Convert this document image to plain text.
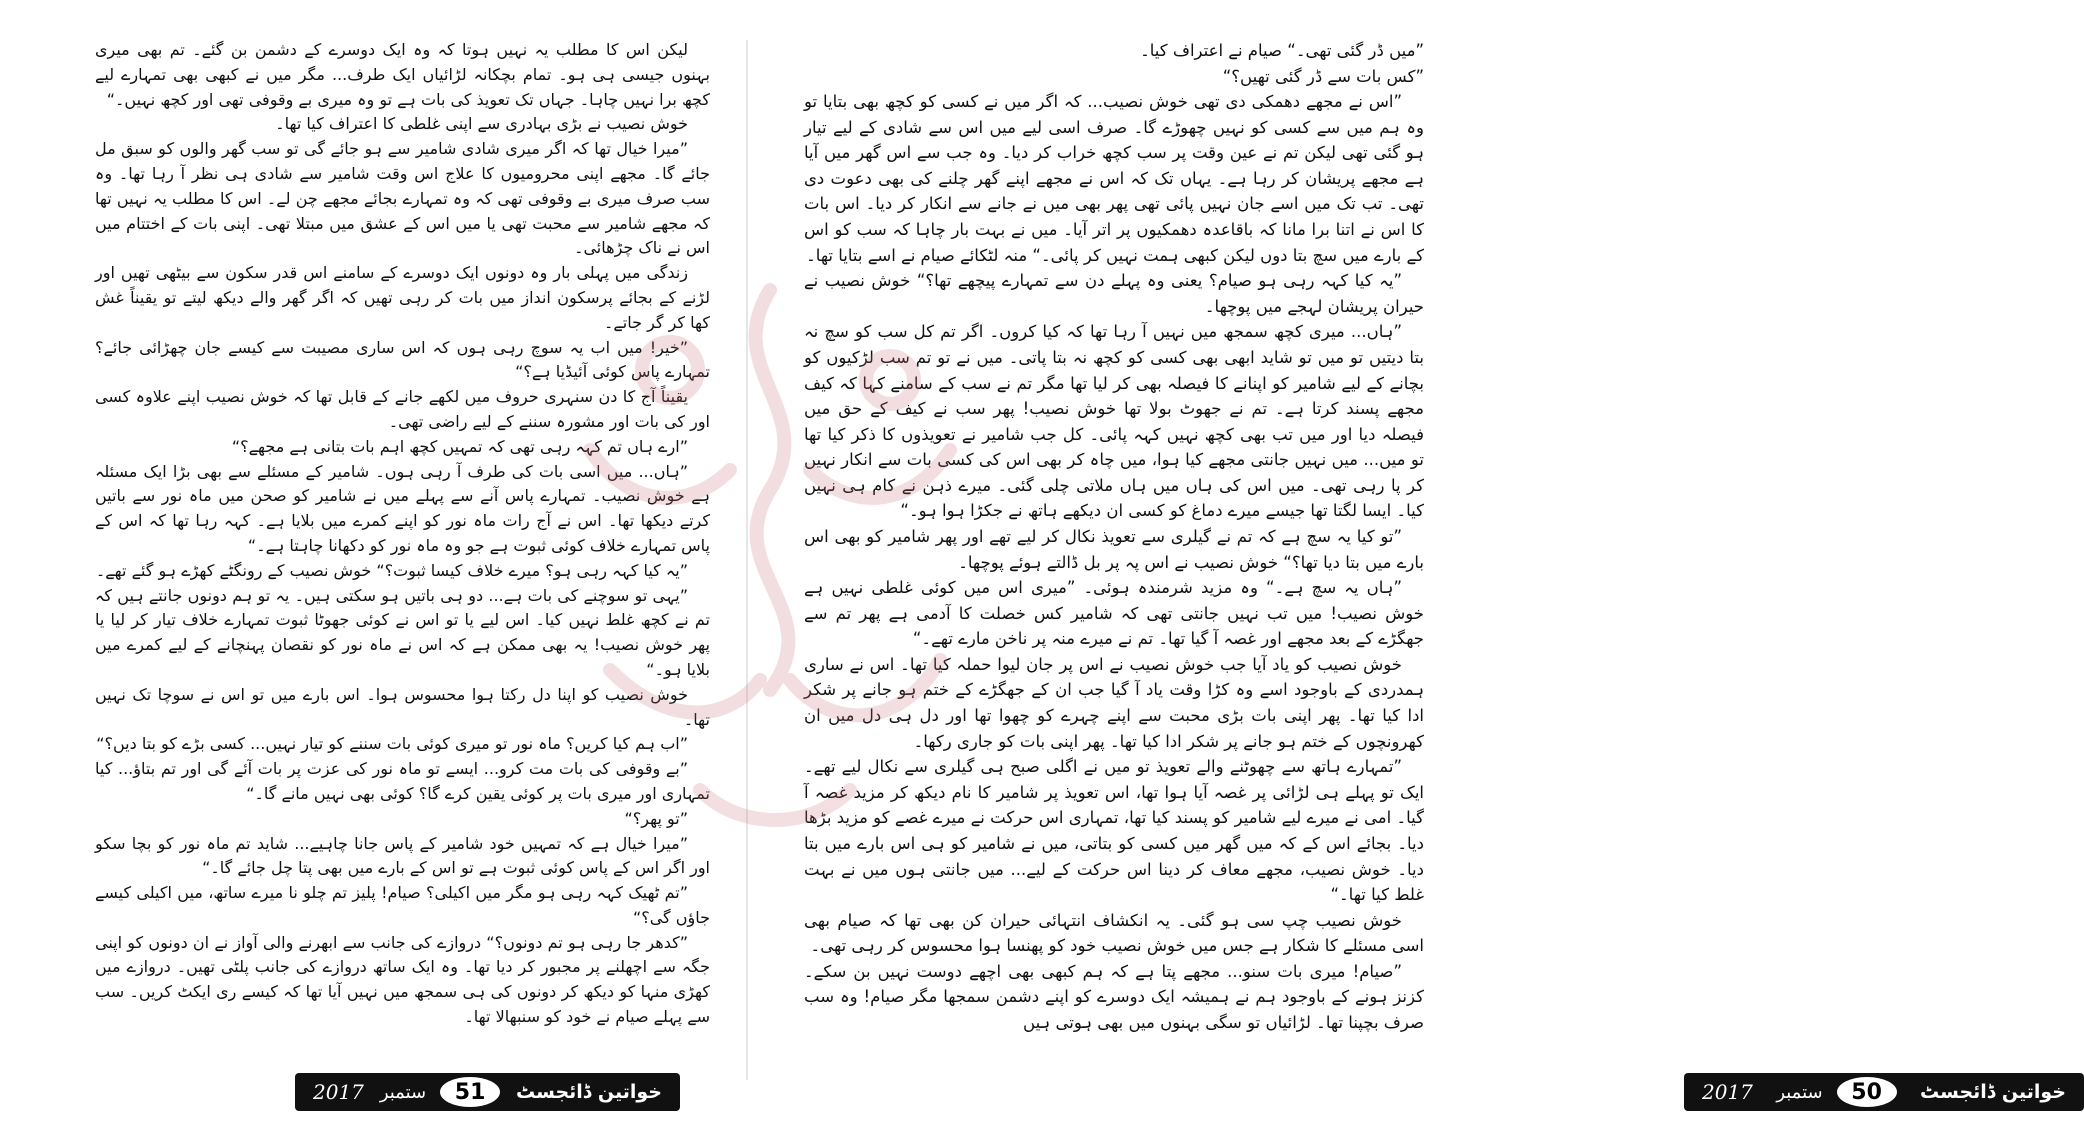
لیکن اس کا مطلب یہ نہیں ہوتا کہ وہ ایک دوسرے کے دشمن بن گئے۔ تم بھی میری بہنوں جیسی ہی ہو۔ تمام بچکانہ لڑائیاں ایک طرف... مگر میں نے کبھی بھی تمہارے لیے کچھ برا نہیں چاہا۔ جہاں تک تعویذ کی بات ہے تو وہ میری بے وقوفی تھی اور کچھ نہیں۔“

خوش نصیب نے بڑی بہادری سے اپنی غلطی کا اعتراف کیا تھا۔

”میرا خیال تھا کہ اگر میری شادی شامیر سے ہو جائے گی تو سب گھر والوں کو سبق مل جائے گا۔ مجھے اپنی محرومیوں کا علاج اس وقت شامیر سے شادی ہی نظر آ رہا تھا۔ وہ سب صرف میری بے وقوفی تھی کہ وہ تمہارے بجائے مجھے چن لے۔ اس کا مطلب یہ نہیں تھا کہ مجھے شامیر سے محبت تھی یا میں اس کے عشق میں مبتلا تھی۔ اپنی بات کے اختتام میں اس نے ناک چڑھائی۔

زندگی میں پہلی بار وہ دونوں ایک دوسرے کے سامنے اس قدر سکون سے بیٹھی تھیں اور لڑنے کے بجائے پرسکون انداز میں بات کر رہی تھیں کہ اگر گھر والے دیکھ لیتے تو یقیناً غش کھا کر گر جاتے۔

”خیر! میں اب یہ سوچ رہی ہوں کہ اس ساری مصیبت سے کیسے جان چھڑائی جائے؟ تمہارے پاس کوئی آئیڈیا ہے؟“

یقیناً آج کا دن سنہری حروف میں لکھے جانے کے قابل تھا کہ خوش نصیب اپنے علاوہ کسی اور کی بات اور مشورہ سننے کے لیے راضی تھی۔

”ارے ہاں تم کہہ رہی تھی کہ تمہیں کچھ اہم بات بتانی ہے مجھے؟“

”ہاں... میں اسی بات کی طرف آ رہی ہوں۔ شامیر کے مسئلے سے بھی بڑا ایک مسئلہ ہے خوش نصیب۔ تمہارے پاس آنے سے پہلے میں نے شامیر کو صحن میں ماہ نور سے باتیں کرتے دیکھا تھا۔ اس نے آج رات ماہ نور کو اپنے کمرے میں بلایا ہے۔ کہہ رہا تھا کہ اس کے پاس تمہارے خلاف کوئی ثبوت ہے جو وہ ماہ نور کو دکھانا چاہتا ہے۔“

”یہ کیا کہہ رہی ہو؟ میرے خلاف کیسا ثبوت؟“ خوش نصیب کے رونگٹے کھڑے ہو گئے تھے۔

”یہی تو سوچنے کی بات ہے... دو ہی باتیں ہو سکتی ہیں۔ یہ تو ہم دونوں جانتے ہیں کہ تم نے کچھ غلط نہیں کیا۔ اس لیے یا تو اس نے کوئی جھوٹا ثبوت تمہارے خلاف تیار کر لیا یا پھر خوش نصیب! یہ بھی ممکن ہے کہ اس نے ماہ نور کو نقصان پہنچانے کے لیے کمرے میں بلایا ہو۔“

خوش نصیب کو اپنا دل رکتا ہوا محسوس ہوا۔ اس بارے میں تو اس نے سوچا تک نہیں تھا۔

”اب ہم کیا کریں؟ ماہ نور تو میری کوئی بات سننے کو تیار نہیں... کسی بڑے کو بتا دیں؟“

”بے وقوفی کی بات مت کرو... ایسے تو ماہ نور کی عزت پر بات آئے گی اور تم بتاؤ... کیا تمہاری اور میری بات پر کوئی یقین کرے گا؟ کوئی بھی نہیں مانے گا۔“

”تو پھر؟“

”میرا خیال ہے کہ تمہیں خود شامیر کے پاس جانا چاہیے... شاید تم ماہ نور کو بچا سکو اور اگر اس کے پاس کوئی ثبوت ہے تو اس کے بارے میں بھی پتا چل جائے گا۔“

”تم ٹھیک کہہ رہی ہو مگر میں اکیلی؟ صیام! پلیز تم چلو نا میرے ساتھ، میں اکیلی کیسے جاؤں گی؟“

”کدھر جا رہی ہو تم دونوں؟“ دروازے کی جانب سے ابھرنے والی آواز نے ان دونوں کو اپنی جگہ سے اچھلنے پر مجبور کر دیا تھا۔ وہ ایک ساتھ دروازے کی جانب پلٹی تھیں۔ دروازے میں کھڑی منہا کو دیکھ کر دونوں کی ہی سمجھ میں نہیں آیا تھا کہ کیسے ری ایکٹ کریں۔ سب سے پہلے صیام نے خود کو سنبھالا تھا۔

2017 ستمبر	51	خواتین ڈائجسٹ

”میں ڈر گئی تھی۔“ صیام نے اعتراف کیا۔

”کس بات سے ڈر گئی تھیں؟“

”اس نے مجھے دھمکی دی تھی خوش نصیب... کہ اگر میں نے کسی کو کچھ بھی بتایا تو وہ ہم میں سے کسی کو نہیں چھوڑے گا۔ صرف اسی لیے میں اس سے شادی کے لیے تیار ہو گئی تھی لیکن تم نے عین وقت پر سب کچھ خراب کر دیا۔ وہ جب سے اس گھر میں آیا ہے مجھے پریشان کر رہا ہے۔ یہاں تک کہ اس نے مجھے اپنے گھر چلنے کی بھی دعوت دی تھی۔ تب تک میں اسے جان نہیں پائی تھی پھر بھی میں نے جانے سے انکار کر دیا۔ اس بات کا اس نے اتنا برا مانا کہ باقاعدہ دھمکیوں پر اتر آیا۔ میں نے بہت بار چاہا کہ سب کو اس کے بارے میں سچ بتا دوں لیکن کبھی ہمت نہیں کر پائی۔“ منہ لٹکائے صیام نے اسے بتایا تھا۔

”یہ کیا کہہ رہی ہو صیام؟ یعنی وہ پہلے دن سے تمہارے پیچھے تھا؟“ خوش نصیب نے حیران پریشان لہجے میں پوچھا۔

”ہاں... میری کچھ سمجھ میں نہیں آ رہا تھا کہ کیا کروں۔ اگر تم کل سب کو سچ نہ بتا دیتیں تو میں تو شاید ابھی بھی کسی کو کچھ نہ بتا پاتی۔ میں نے تو تم سب لڑکیوں کو بچانے کے لیے شامیر کو اپنانے کا فیصلہ بھی کر لیا تھا مگر تم نے سب کے سامنے کہا کہ کیف مجھے پسند کرتا ہے۔ تم نے جھوٹ بولا تھا خوش نصیب! پھر سب نے کیف کے حق میں فیصلہ دیا اور میں تب بھی کچھ نہیں کہہ پائی۔ کل جب شامیر نے تعویذوں کا ذکر کیا تھا تو میں... میں نہیں جانتی مجھے کیا ہوا، میں چاہ کر بھی اس کی کسی بات سے انکار نہیں کر پا رہی تھی۔ میں اس کی ہاں میں ہاں ملاتی چلی گئی۔ میرے ذہن نے کام ہی نہیں کیا۔ ایسا لگتا تھا جیسے میرے دماغ کو کسی ان دیکھے ہاتھ نے جکڑا ہوا ہو۔“

”تو کیا یہ سچ ہے کہ تم نے گیلری سے تعویذ نکال کر لیے تھے اور پھر شامیر کو بھی اس بارے میں بتا دیا تھا؟“ خوش نصیب نے اس پہ پر بل ڈالتے ہوئے پوچھا۔

”ہاں یہ سچ ہے۔“ وہ مزید شرمندہ ہوئی۔ ”میری اس میں کوئی غلطی نہیں ہے خوش نصیب! میں تب نہیں جانتی تھی کہ شامیر کس خصلت کا آدمی ہے پھر تم سے جھگڑے کے بعد مجھے اور غصہ آ گیا تھا۔ تم نے میرے منہ پر ناخن مارے تھے۔“

خوش نصیب کو یاد آیا جب خوش نصیب نے اس پر جان لیوا حملہ کیا تھا۔ اس نے ساری ہمدردی کے باوجود اسے وہ کڑا وقت یاد آ گیا جب ان کے جھگڑے کے ختم ہو جانے پر شکر ادا کیا تھا۔ پھر اپنی بات بڑی محبت سے اپنے چہرے کو چھوا تھا اور دل ہی دل میں ان کھرونچوں کے ختم ہو جانے پر شکر ادا کیا تھا۔ پھر اپنی بات کو جاری رکھا۔

”تمہارے ہاتھ سے چھوٹنے والے تعویذ تو میں نے اگلی صبح ہی گیلری سے نکال لیے تھے۔ ایک تو پہلے ہی لڑائی پر غصہ آیا ہوا تھا، اس تعویذ پر شامیر کا نام دیکھ کر مزید غصہ آ گیا۔ امی نے میرے لیے شامیر کو پسند کیا تھا، تمہاری اس حرکت نے میرے غصے کو مزید بڑھا دیا۔ بجائے اس کے کہ میں گھر میں کسی کو بتاتی، میں نے شامیر کو ہی اس بارے میں بتا دیا۔ خوش نصیب، مجھے معاف کر دینا اس حرکت کے لیے... میں جانتی ہوں میں نے بہت غلط کیا تھا۔“

خوش نصیب چپ سی ہو گئی۔ یہ انکشاف انتہائی حیران کن بھی تھا کہ صیام بھی اسی مسئلے کا شکار ہے جس میں خوش نصیب خود کو پھنسا ہوا محسوس کر رہی تھی۔

”صیام! میری بات سنو... مجھے پتا ہے کہ ہم کبھی بھی اچھے دوست نہیں بن سکے۔ کزنز ہونے کے باوجود ہم نے ہمیشہ ایک دوسرے کو اپنے دشمن سمجھا مگر صیام! وہ سب صرف بچپنا تھا۔ لڑائیاں تو سگی بہنوں میں بھی ہوتی ہیں

2017 ستمبر	50	خواتین ڈائجسٹ
